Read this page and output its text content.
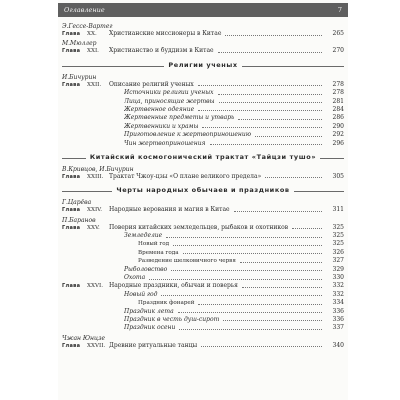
Оглавление	7
Э.Гессе-Вартег
Глава XX. Христианские миссионеры в Китае	265
М.Мюллер
Глава XXI. Христианство и буддизм в Китае	270
Религии ученых
И.Бичурин
Глава XXII. Описание религий ученых	278
Источники религии ученых	278
Лица, приносящие жертвы	281
Жертвенное одеяние	284
Жертвенные предметы и утварь	286
Жертвенники и храмы	290
Приготовление к жертвоприношению	292
Чин жертвоприношения	296
Китайский космогонический трактат «Тайцзи тушо»
В.Кривцов, И.Бичурин
Глава XXIII. Трактат Чжоу-цзы «О плане великого предела»	305
Черты народных обычаев и праздников
Г.Царёва
Глава XXIV. Народные верования и магия в Китае	311
П.Баранов
Глава XXV. Поверия китайских земледельцев, рыбаков и охотников	325
Земледелие	325
Новый год	325
Времена года	326
Разведение шелковичного червя	327
Рыболовство	329
Охота	330
Глава XXVI. Народные праздники, обычаи и поверья	332
Новый год	332
Праздник фонарей	334
Праздник лета	336
Праздник в честь душ-сирот	336
Праздник осени	337
Чжан Юнцзе
Глава XXVII. Древние ритуальные танцы	340
